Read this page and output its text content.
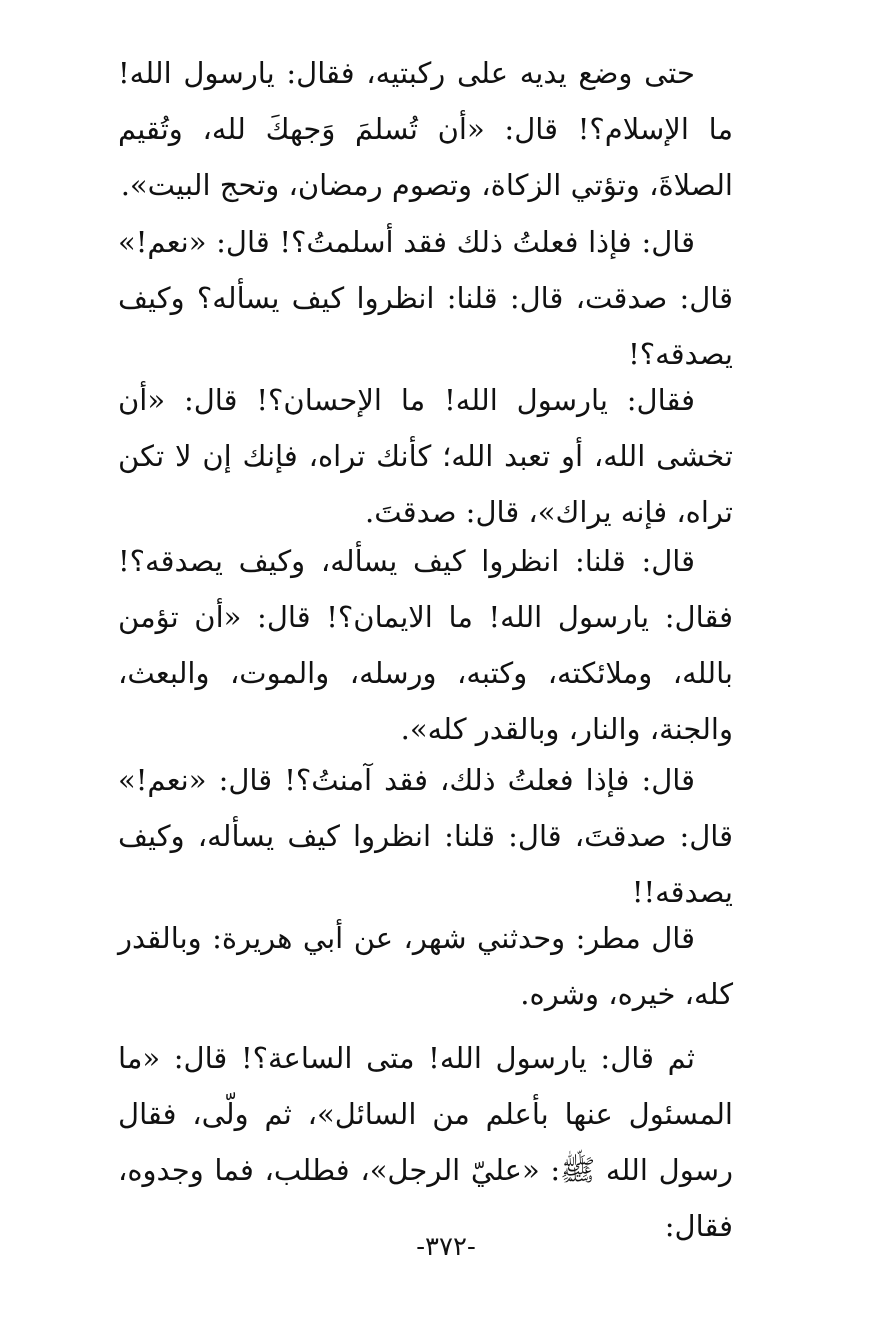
حتى وضع يديه على ركبتيه، فقال: يارسول الله! ما الإسلام؟! قال: «أن تُسلمَ وَجهكَ لله، وتُقيم الصلاةَ، وتؤتي الزكاة، وتصوم رمضان، وتحج البيت».

قال: فإذا فعلتُ ذلك فقد أسلمتُ؟! قال: «نعم!» قال: صدقت، قال: قلنا: انظروا كيف يسأله؟ وكيف يصدقه؟!

فقال: يارسول الله! ما الإحسان؟! قال: «أن تخشى الله، أو تعبد الله؛ كأنك تراه، فإنك إن لا تكن تراه، فإنه يراك»، قال: صدقتَ.

قال: قلنا: انظروا كيف يسأله، وكيف يصدقه؟! فقال: يارسول الله! ما الايمان؟! قال: «أن تؤمن بالله، وملائكته، وكتبه، ورسله، والموت، والبعث، والجنة، والنار، وبالقدر كله».

قال: فإذا فعلتُ ذلك، فقد آمنتُ؟! قال: «نعم!» قال: صدقتَ، قال: قلنا: انظروا كيف يسأله، وكيف يصدقه!!

قال مطر: وحدثني شهر، عن أبي هريرة: وبالقدر كله، خيره، وشره.

ثم قال: يارسول الله! متى الساعة؟! قال: «ما المسئول عنها بأعلم من السائل»، ثم ولّى، فقال رسول الله ﷺ: «عليّ الرجل»، فطلب، فما وجدوه، فقال:

-٣٧٢-
